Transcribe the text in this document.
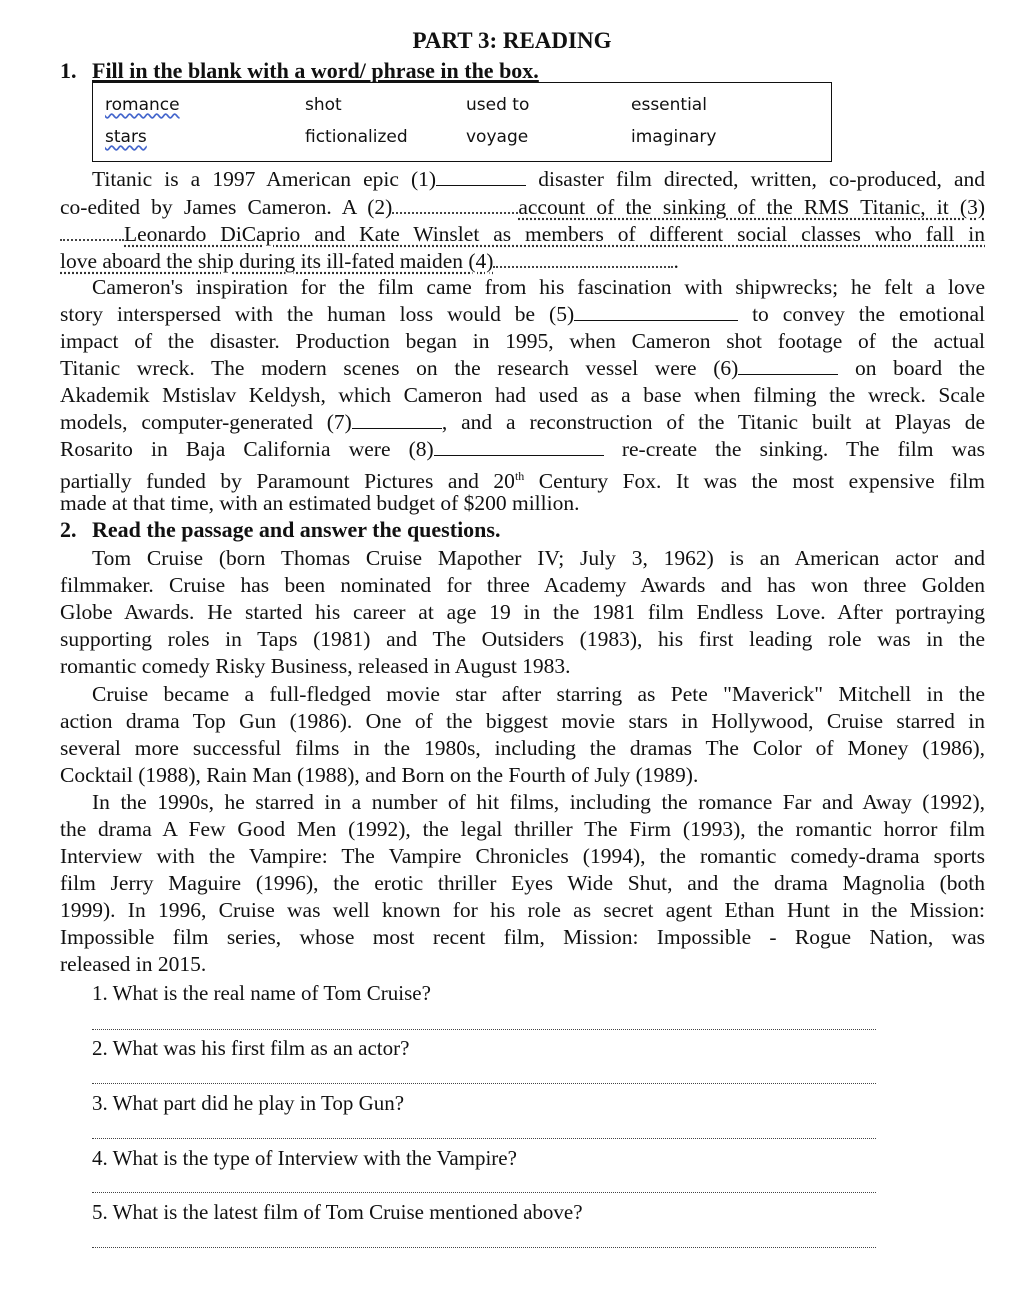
PART 3: READING
1. Fill in the blank with a word/ phrase in the box.
romance	shot	used to	essential
stars	fictionalized	voyage	imaginary
Titanic is a 1997 American epic (1)	disaster film directed, written, co-produced, and
co-edited by James Cameron. A (2)	account of the sinking of the RMS Titanic, it (3)
Leonardo DiCaprio and Kate Winslet as members of different social classes who fall in
love aboard the ship during its ill-fated maiden (4)	.
Cameron's inspiration for the film came from his fascination with shipwrecks; he felt a love
story interspersed with the human loss would be (5)	to convey the emotional
impact of the disaster. Production began in 1995, when Cameron shot footage of the actual
Titanic wreck. The modern scenes on the research vessel were (6)	on board the
Akademik Mstislav Keldysh, which Cameron had used as a base when filming the wreck. Scale
models, computer-generated (7)	, and a reconstruction of the Titanic built at Playas de
Rosarito in Baja California were (8)	re-create the sinking. The film was
partially funded by Paramount Pictures and 20th Century Fox. It was the most expensive film
made at that time, with an estimated budget of $200 million.
2. Read the passage and answer the questions.
Tom Cruise (born Thomas Cruise Mapother IV; July 3, 1962) is an American actor and
filmmaker. Cruise has been nominated for three Academy Awards and has won three Golden
Globe Awards. He started his career at age 19 in the 1981 film Endless Love. After portraying
supporting roles in Taps (1981) and The Outsiders (1983), his first leading role was in the
romantic comedy Risky Business, released in August 1983.
Cruise became a full-fledged movie star after starring as Pete "Maverick" Mitchell in the
action drama Top Gun (1986). One of the biggest movie stars in Hollywood, Cruise starred in
several more successful films in the 1980s, including the dramas The Color of Money (1986),
Cocktail (1988), Rain Man (1988), and Born on the Fourth of July (1989).
In the 1990s, he starred in a number of hit films, including the romance Far and Away (1992),
the drama A Few Good Men (1992), the legal thriller The Firm (1993), the romantic horror film
Interview with the Vampire: The Vampire Chronicles (1994), the romantic comedy-drama sports
film Jerry Maguire (1996), the erotic thriller Eyes Wide Shut, and the drama Magnolia (both
1999). In 1996, Cruise was well known for his role as secret agent Ethan Hunt in the Mission:
Impossible film series, whose most recent film, Mission: Impossible - Rogue Nation, was
released in 2015.
1. What is the real name of Tom Cruise?
2. What was his first film as an actor?
3. What part did he play in Top Gun?
4. What is the type of Interview with the Vampire?
5. What is the latest film of Tom Cruise mentioned above?
